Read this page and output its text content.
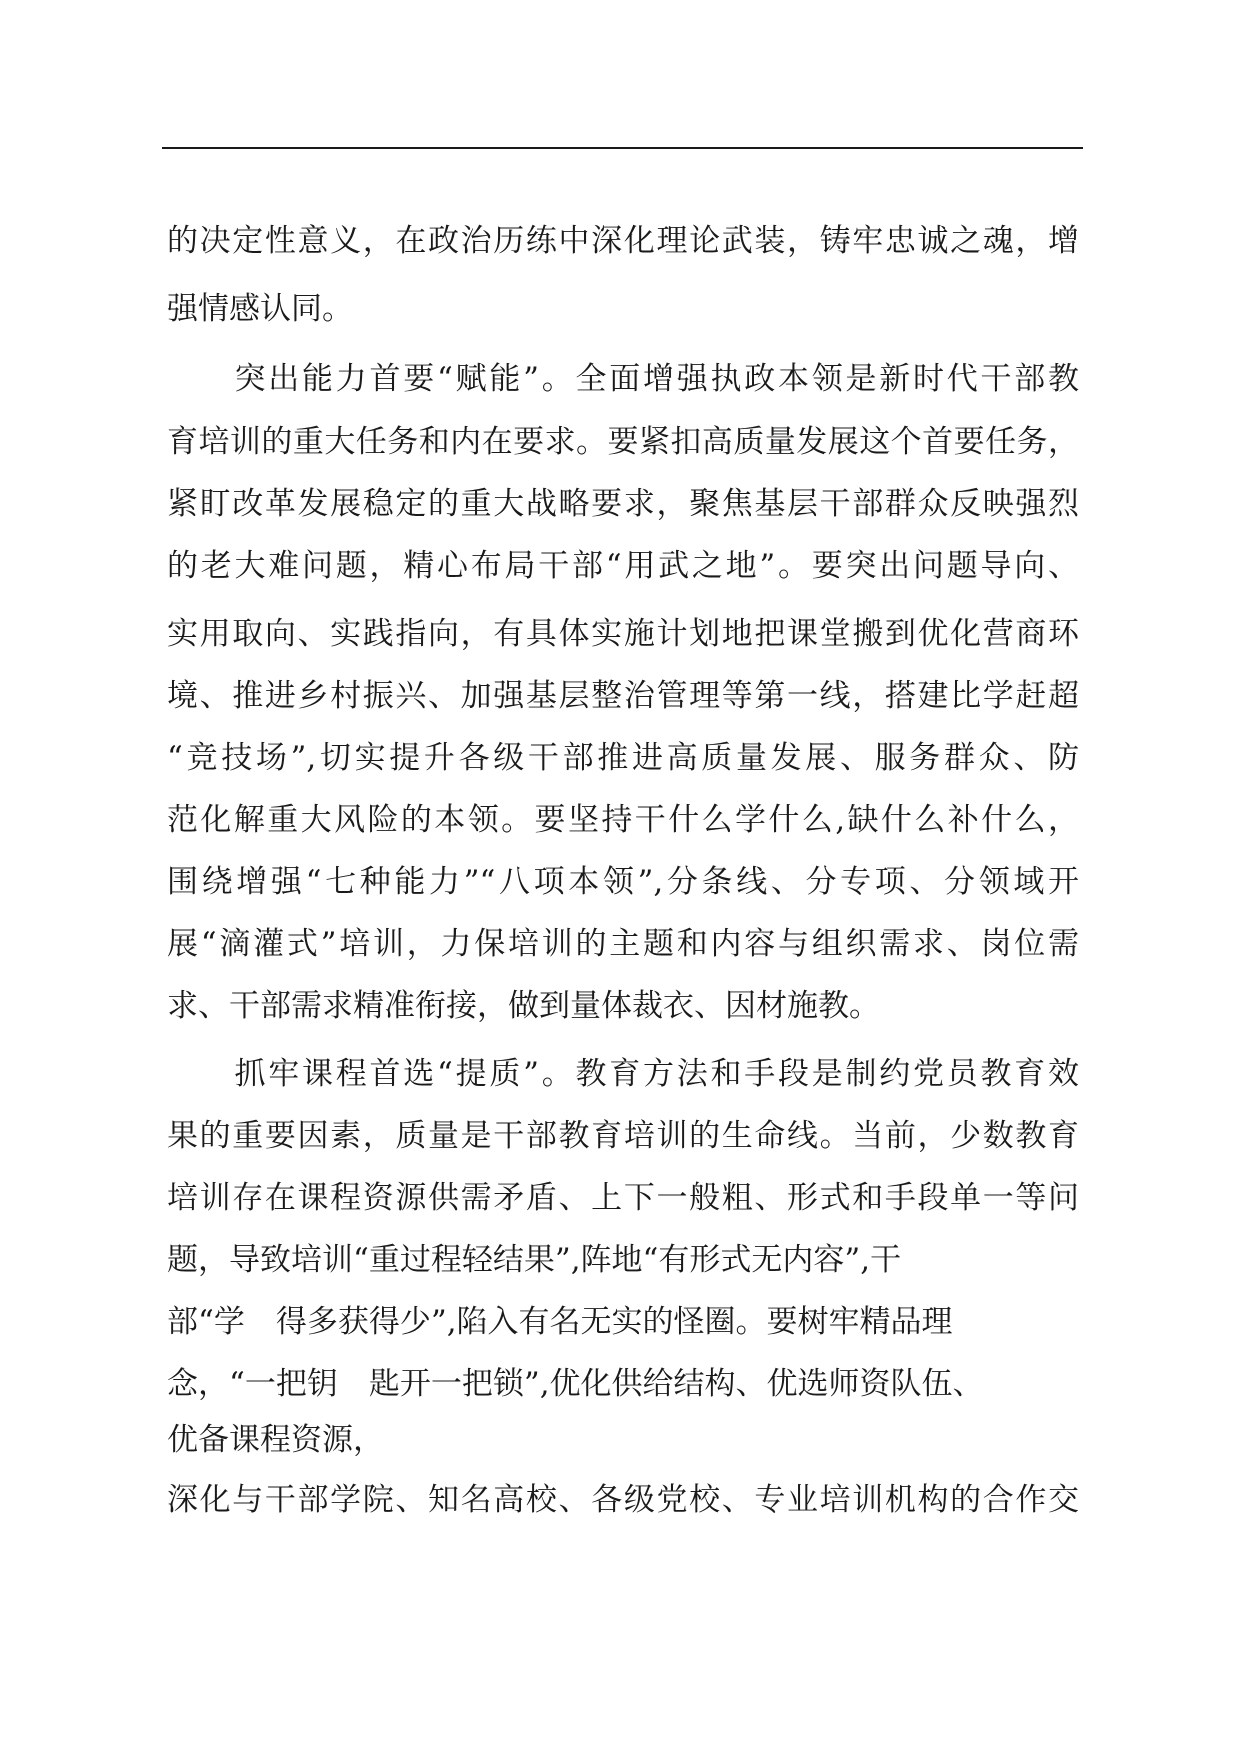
的决定性意义，在政治历练中深化理论武装，铸牢忠诚之魂，增
强情感认同。
　　突出能力首要“赋能”。全面增强执政本领是新时代干部教
育培训的重大任务和内在要求。要紧扣高质量发展这个首要任务，
紧盯改革发展稳定的重大战略要求，聚焦基层干部群众反映强烈
的老大难问题，精心布局干部“用武之地”。要突出问题导向、
实用取向、实践指向，有具体实施计划地把课堂搬到优化营商环
境、推进乡村振兴、加强基层整治管理等第一线，搭建比学赶超
“竞技场”,切实提升各级干部推进高质量发展、服务群众、防
范化解重大风险的本领。要坚持干什么学什么,缺什么补什么，
围绕增强“七种能力”“八项本领”,分条线、分专项、分领域开
展“滴灌式”培训，力保培训的主题和内容与组织需求、岗位需
求、干部需求精准衔接，做到量体裁衣、因材施教。
　　抓牢课程首选“提质”。教育方法和手段是制约党员教育效
果的重要因素，质量是干部教育培训的生命线。当前，少数教育
培训存在课程资源供需矛盾、上下一般粗、形式和手段单一等问
题，导致培训“重过程轻结果”,阵地“有形式无内容”,干
部“学　得多获得少”,陷入有名无实的怪圈。要树牢精品理
念，“一把钥　匙开一把锁”,优化供给结构、优选师资队伍、
优备课程资源，
深化与干部学院、知名高校、各级党校、专业培训机构的合作交
